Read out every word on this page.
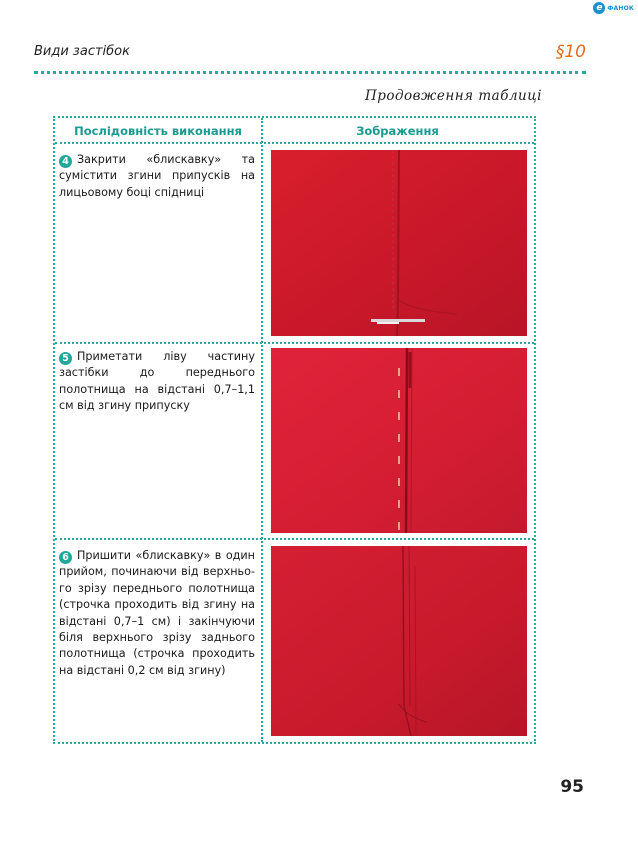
e ФАНОК
Види застібок	§10
Продовження таблиці
Послідовність виконання	Зображення
4 Закрити «блискавку» та сумістити згини припусків на лицьовому боці спідниці
5 Приметати ліву частину застібки до переднього полотнища на відстані 0,7–1,1 см від згину припуску
6 Пришити «блискавку» в один прийом, починаючи від верхнього зрізу переднього полотнища (строчка проходить від згину на відстані 0,7–1 см) і закінчуючи біля верхнього зрізу заднього полотнища (строчка проходить на відстані 0,2 см від згину)
95
